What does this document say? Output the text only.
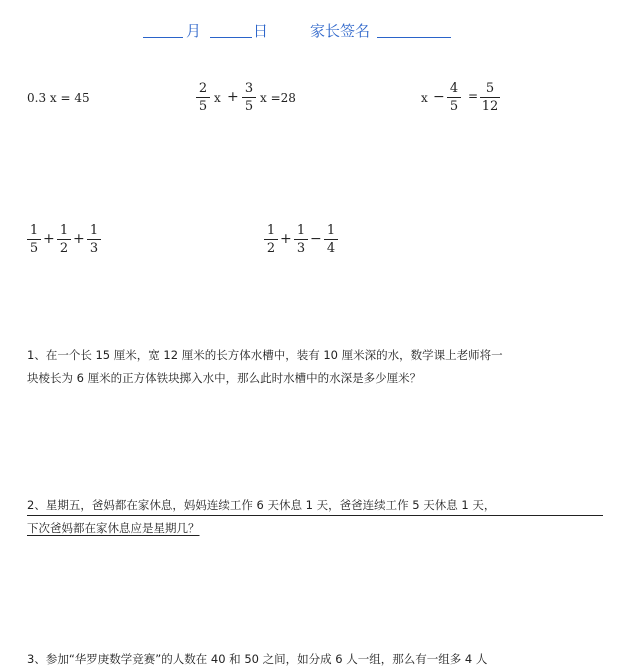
月	日	家长签名
0.3 x = 45
2
5
x +
3
5
x =28	x −
4
5
= 5
12
1
5
+
1
2
+
1
3
1
2
+
1
3
−
1
4
1、在一个长 15 厘米，宽 12 厘米的长方体水槽中，装有 10 厘米深的水，数学课上老师将一
块棱长为 6 厘米的正方体铁块掷入水中，那么此时水槽中的水深是多少厘米？
2、星期五，爸妈都在家休息，妈妈连续工作 6 天休息 1 天，爸爸连续工作 5 天休息 1 天，
下次爸妈都在家休息应是星期几？
3、参加“华罗庚数学竞赛”的人数在 40 和 50 之间，如分成 6 人一组，那么有一组多 4 人
